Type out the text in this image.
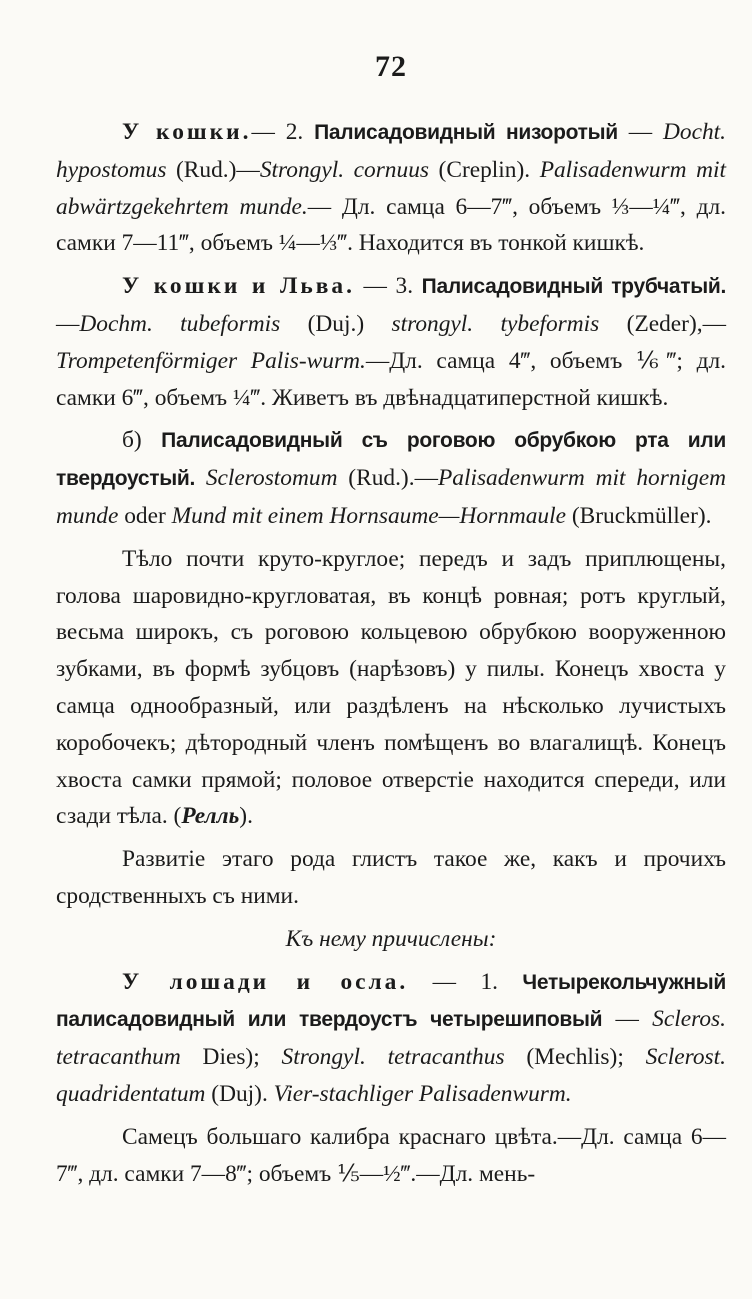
72

У кошки.— 2. Палисадовидный низоротый — Docht. hypostomus (Rud.)—Strongyl. cornuus (Creplin). Palisadenwurm mit abwärtzgekehrtem munde.— Дл. самца 6—7‴, объемъ ⅓—¼‴, дл. самки 7—11‴, объемъ ¼—⅓‴. Находится въ тонкой кишкѣ.

У кошки и Льва. — 3. Палисадовидный трубчатый.—Dochm. tubeformis (Duj.) strongyl. tybeformis (Zeder),—Trompetenförmiger Palis-wurm.—Дл. самца 4‴, объемъ ⅙‴; дл. самки 6‴, объемъ ¼‴. Живетъ въ двѣнадцатиперстной кишкѣ.

б) Палисадовидный съ роговою обрубкою рта или твердоустый. Sclerostomum (Rud.).—Palisadenwurm mit hornigem munde oder Mund mit einem Hornsaume—Hornmaule (Bruckmüller).

Тѣло почти круто-круглое; передъ и задъ приплющены, голова шаровидно-кругловатая, въ концѣ ровная; ротъ круглый, весьма широкъ, съ роговою кольцевою обрубкою вооруженною зубками, въ формѣ зубцовъ (нарѣзовъ) у пилы. Конецъ хвоста у самца однообразный, или раздѣленъ на нѣсколько лучистыхъ коробочекъ; дѣтородный членъ помѣщенъ во влагалищѣ. Конецъ хвоста самки прямой; половое отверстіе находится спереди, или сзади тѣла. (Релль).

Развитіе этаго рода глистъ такое же, какъ и прочихъ сродственныхъ съ ними.

Къ нему причислены:

У лошади и осла. — 1. Четырекольчужный палисадовидный или твердоустъ четырешиповый — Scleros. tetracanthum Dies); Strongyl. tetracanthus (Mechlis); Sclerost. quadridentatum (Duj). Vier-stachliger Palisadenwurm.

Самецъ большаго калибра краснаго цвѣта.—Дл. самца 6—7‴, дл. самки 7—8‴; объемъ ⅕—½‴.—Дл. мень-
